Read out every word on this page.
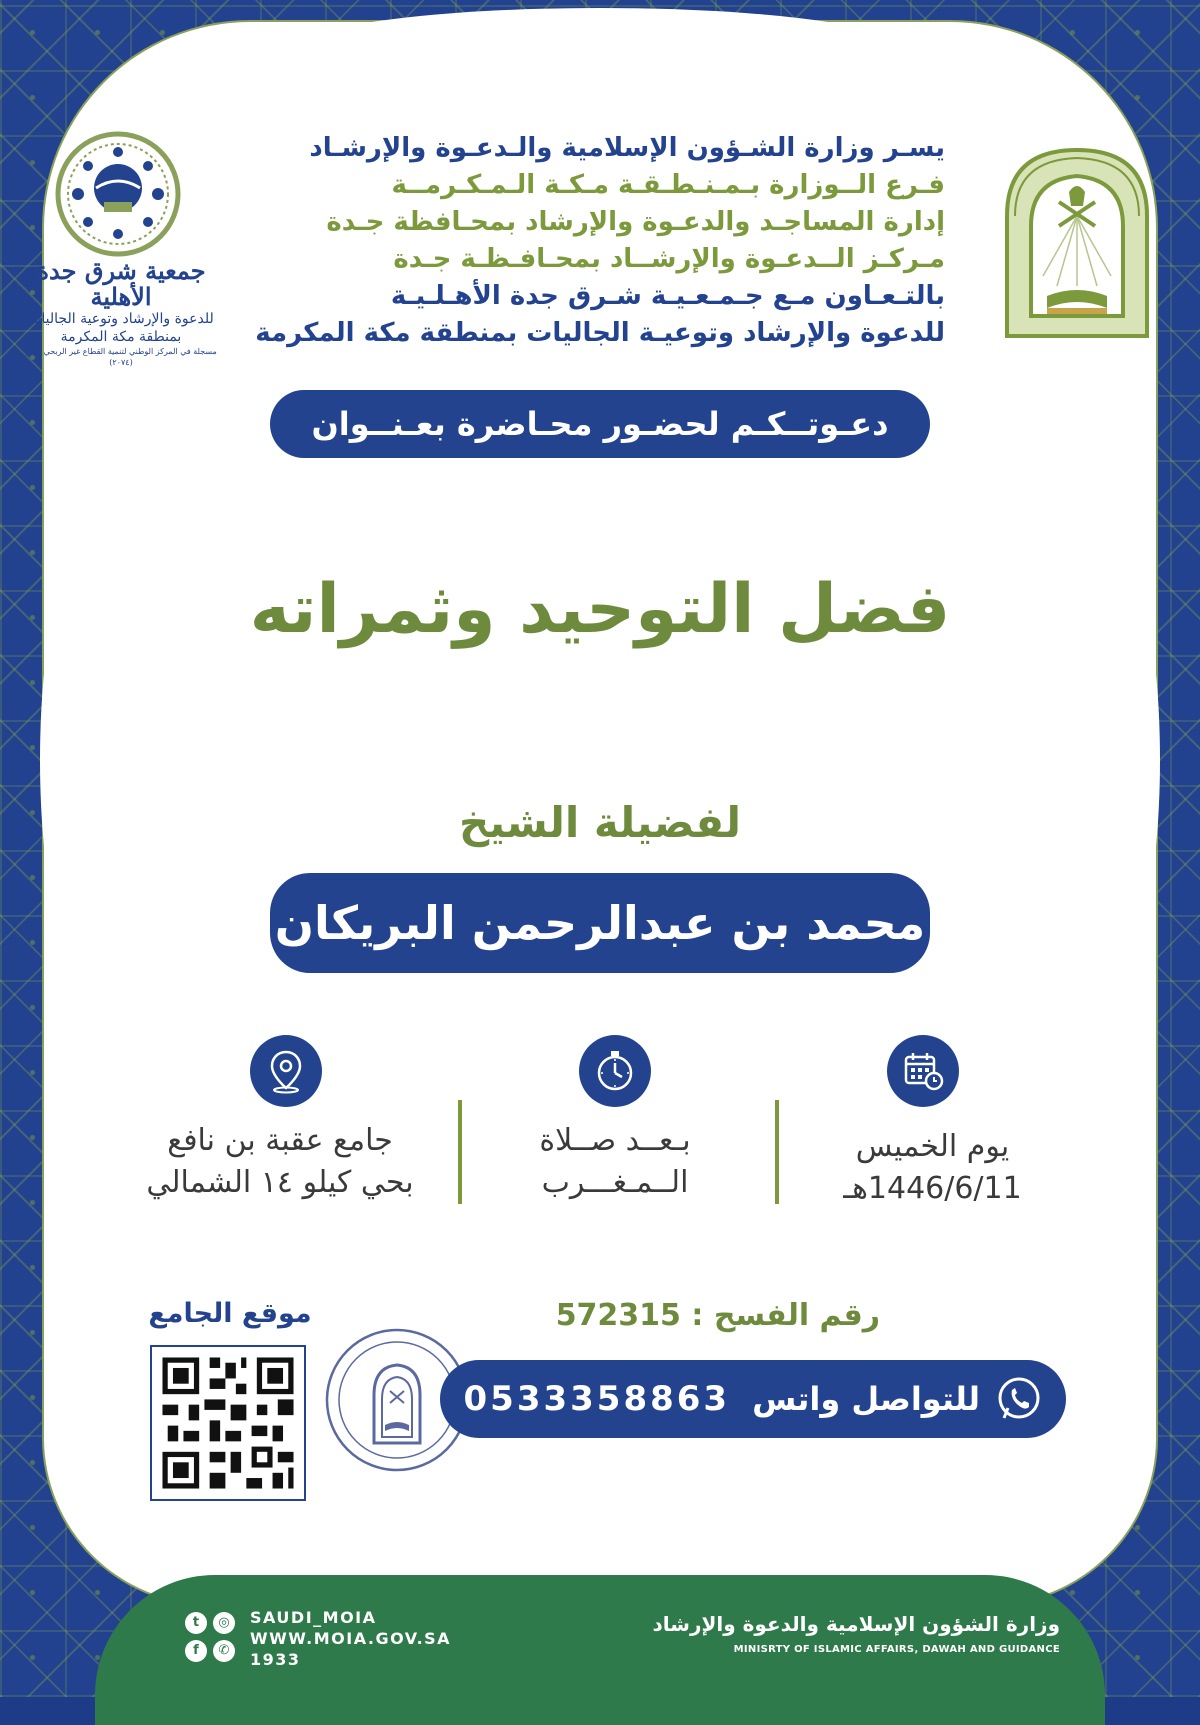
جمعية شرق جدة الأهلية
للدعوة والإرشاد وتوعية الجاليات
بمنطقة مكة المكرمة
مسجلة في المركز الوطني لتنمية القطاع غير الربحي برقم (٢٠٧٤)
يسـر وزارة الشـؤون الإسلامية والـدعـوة والإرشـاد
فـرع الــوزارة بـمـنـطـقـة مـكـة الـمـكـرمــة
إدارة المساجـد والدعـوة والإرشاد بمحـافظة جـدة
مـركـز الــدعـوة والإرشــاد بمحـافـظـة جـدة
بالتـعـاون مـع جـمـعـيـة شـرق جدة الأهـلـيـة
للدعوة والإرشاد وتوعيـة الجاليات بمنطقة مكة المكرمة
دعـوتــكـم لحضـور محـاضرة بعـنــوان
فضل التوحيد وثمراته
لفضيلة الشيخ
محمد بن عبدالرحمن البريكان
يوم الخميس
1446/6/11هـ
بـعــد صــلاة
الــمـغـــرب
جامع عقبة بن نافع
بحي كيلو ١٤ الشمالي
رقم الفسح : 572315
موقع الجامع
للتواصل واتس
0533358863
t	◎
f	✆
SAUDI_MOIA
WWW.MOIA.GOV.SA
1933
وزارة الشؤون الإسلامية والدعوة والإرشاد
MINISRTY OF ISLAMIC AFFAIRS, DAWAH AND GUIDANCE
